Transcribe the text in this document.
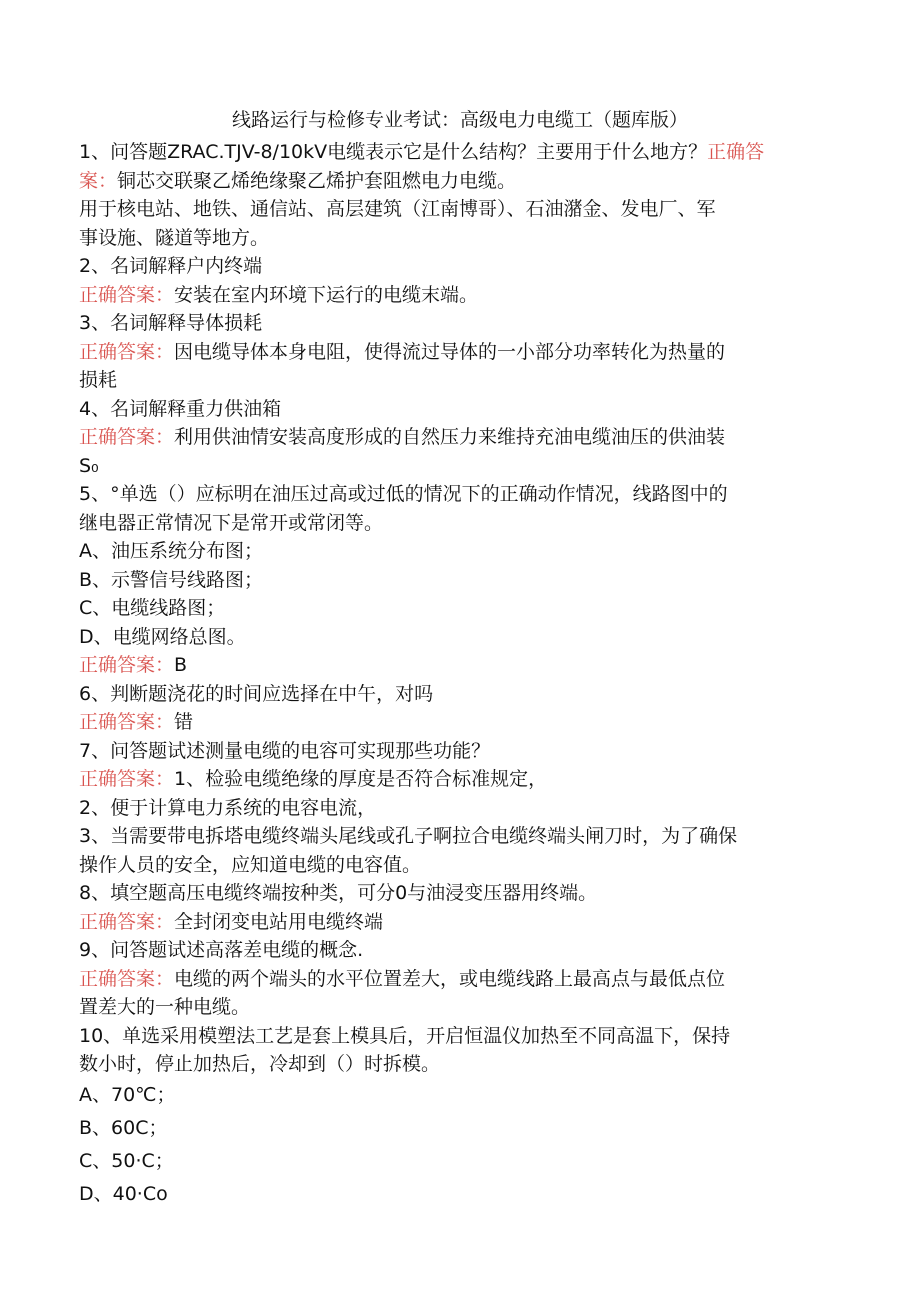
线路运行与检修专业考试：高级电力电缆工（题库版）
1、问答题ZRAC.TJV-8/10kV电缆表示它是什么结构？主要用于什么地方？正确答
案：铜芯交联聚乙烯绝缘聚乙烯护套阻燃电力电缆。
用于核电站、地铁、通信站、高层建筑（江南博哥）、石油潴金、发电厂、军
事设施、隧道等地方。
2、名词解释户内终端
正确答案：安装在室内环境下运行的电缆末端。
3、名词解释导体损耗
正确答案：因电缆导体本身电阻，使得流过导体的一小部分功率转化为热量的
损耗
4、名词解释重力供油箱
正确答案：利用供油情安装高度形成的自然压力来维持充油电缆油压的供油装
S₀
5、°单选（）应标明在油压过高或过低的情况下的正确动作情况，线路图中的
继电器正常情况下是常开或常闭等。
A、油压系统分布图；
B、示警信号线路图；
C、电缆线路图；
D、电缆网络总图。
正确答案：B
6、判断题浇花的时间应选择在中午，对吗
正确答案：错
7、问答题试述测量电缆的电容可实现那些功能？
正确答案：1、检验电缆绝缘的厚度是否符合标准规定，
2、便于计算电力系统的电容电流，
3、当需要带电拆塔电缆终端头尾线或孔子啊拉合电缆终端头闸刀时，为了确保
操作人员的安全，应知道电缆的电容值。
8、填空题高压电缆终端按种类，可分0与油浸变压器用终端。
正确答案：全封闭变电站用电缆终端
9、问答题试述高落差电缆的概念.
正确答案：电缆的两个端头的水平位置差大，或电缆线路上最高点与最低点位
置差大的一种电缆。
10、单选采用模塑法工艺是套上模具后，开启恒温仪加热至不同高温下，保持
数小时，停止加热后，冷却到（）时拆模。
A、70℃；
B、60C；
C、50·C；
D、40·Co
